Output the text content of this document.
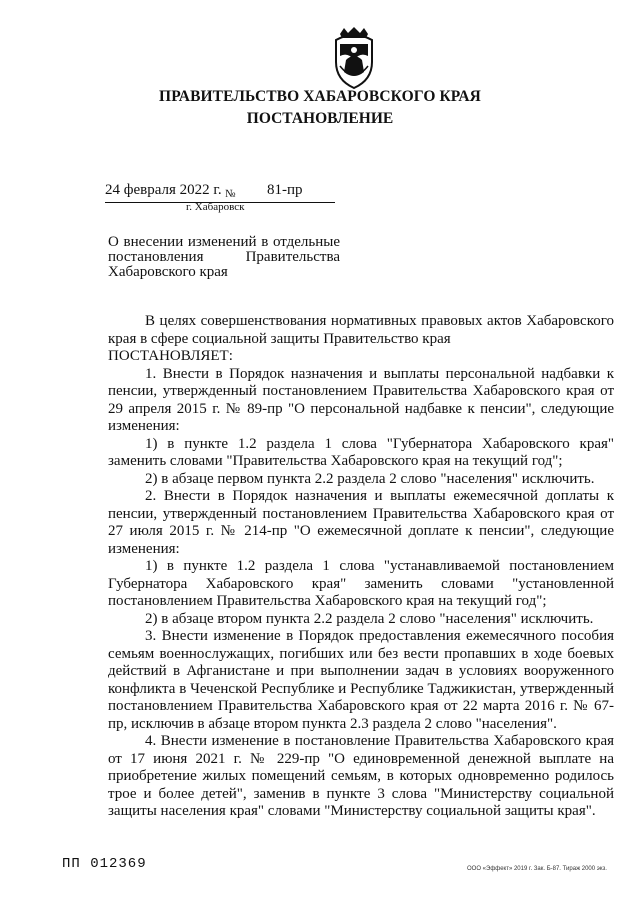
ПРАВИТЕЛЬСТВО ХАБАРОВСКОГО КРАЯ
ПОСТАНОВЛЕНИЕ
24 февраля 2022 г. № 81-пр
г. Хабаровск
О внесении изменений в отдельные
постановления Правительства
Хабаровского края

В целях совершенствования нормативных правовых актов Хабаровского края в сфере социальной защиты Правительство края

ПОСТАНОВЛЯЕТ:

1. Внести в Порядок назначения и выплаты персональной надбавки к пенсии, утвержденный постановлением Правительства Хабаровского края от 29 апреля 2015 г. № 89-пр "О персональной надбавке к пенсии", следующие изменения:

1) в пункте 1.2 раздела 1 слова "Губернатора Хабаровского края" заменить словами "Правительства Хабаровского края на текущий год";

2) в абзаце первом пункта 2.2 раздела 2 слово "населения" исключить.

2. Внести в Порядок назначения и выплаты ежемесячной доплаты к пенсии, утвержденный постановлением Правительства Хабаровского края от 27 июля 2015 г. № 214-пр "О ежемесячной доплате к пенсии", следующие изменения:

1) в пункте 1.2 раздела 1 слова "устанавливаемой постановлением Губернатора Хабаровского края" заменить словами "установленной постановлением Правительства Хабаровского края на текущий год";

2) в абзаце втором пункта 2.2 раздела 2 слово "населения" исключить.

3. Внести изменение в Порядок предоставления ежемесячного пособия семьям военнослужащих, погибших или без вести пропавших в ходе боевых действий в Афганистане и при выполнении задач в условиях вооруженного конфликта в Чеченской Республике и Республике Таджикистан, утвержденный постановлением Правительства Хабаровского края от 22 марта 2016 г. № 67-пр, исключив в абзаце втором пункта 2.3 раздела 2 слово "населения".

4. Внести изменение в постановление Правительства Хабаровского края от 17 июня 2021 г. № 229-пр "О единовременной денежной выплате на приобретение жилых помещений семьям, в которых одновременно родилось трое и более детей", заменив в пункте 3 слова "Министерству социальной защиты населения края" словами "Министерству социальной защиты края".

ПП 012369	ООО «Эффект» 2019 г. Зак. Б-87. Тираж 2000 экз.
